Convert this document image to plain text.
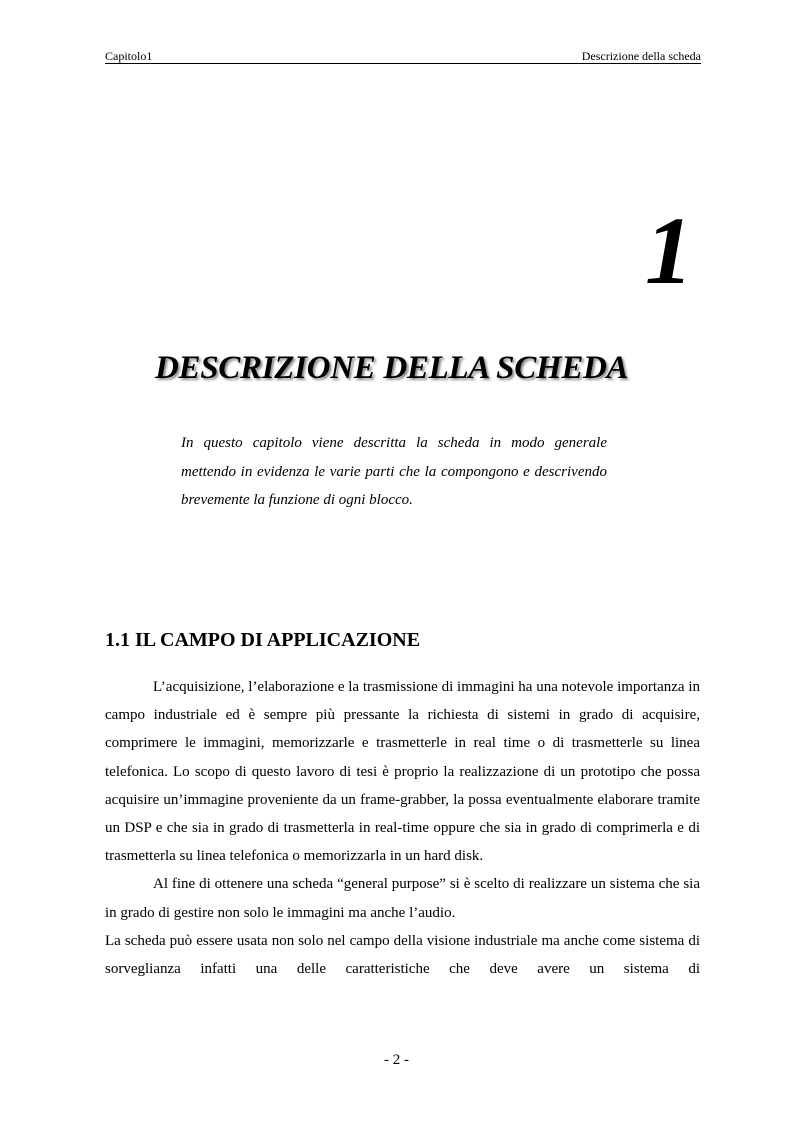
Capitolo1	Descrizione della scheda
1
DESCRIZIONE DELLA SCHEDA
In questo capitolo viene descritta la scheda in modo generale mettendo in evidenza le varie parti che la compongono e descrivendo brevemente la funzione di ogni blocco.
1.1 IL CAMPO DI APPLICAZIONE

L’acquisizione, l’elaborazione e la trasmissione di immagini ha una notevole importanza in campo industriale ed è sempre più pressante la richiesta di sistemi in grado di acquisire, comprimere le immagini, memorizzarle e trasmetterle in real time o di trasmetterle su linea telefonica. Lo scopo di questo lavoro di tesi è proprio la realizzazione di un prototipo che possa acquisire un’immagine proveniente da un frame-grabber, la possa eventualmente elaborare tramite un DSP e che sia in grado di trasmetterla in real-time oppure che sia in grado di comprimerla e di trasmetterla su linea telefonica o memorizzarla in un hard disk.

Al fine di ottenere una scheda “general purpose” si è scelto di realizzare un sistema che sia in grado di gestire non solo le immagini ma anche l’audio.

La scheda può essere usata non solo nel campo della visione industriale ma anche come sistema di sorveglianza infatti una delle caratteristiche che deve avere un sistema di

- 2 -
